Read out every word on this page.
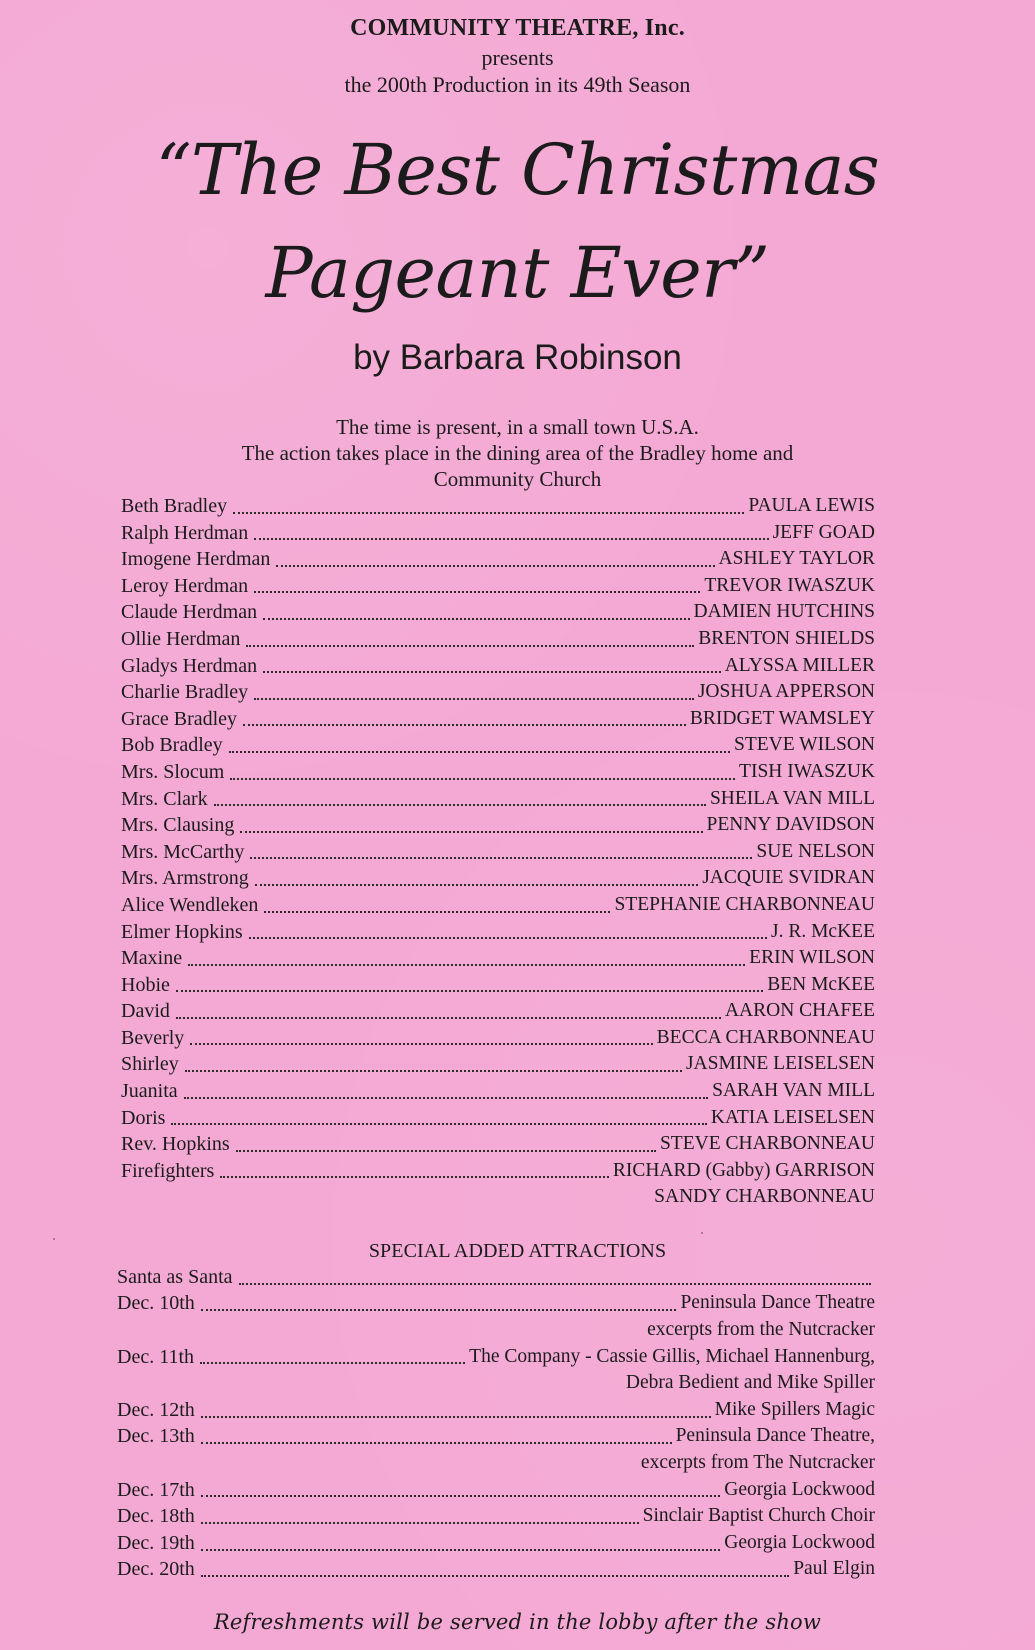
COMMUNITY THEATRE, Inc.
presents
the 200th Production in its 49th Season
“The Best Christmas
Pageant Ever”
by Barbara Robinson
The time is present, in a small town U.S.A.
The action takes place in the dining area of the Bradley home and
Community Church
Beth Bradley	PAULA LEWIS
Ralph Herdman	JEFF GOAD
Imogene Herdman	ASHLEY TAYLOR
Leroy Herdman	TREVOR IWASZUK
Claude Herdman	DAMIEN HUTCHINS
Ollie Herdman	BRENTON SHIELDS
Gladys Herdman	ALYSSA MILLER
Charlie Bradley	JOSHUA APPERSON
Grace Bradley	BRIDGET WAMSLEY
Bob Bradley	STEVE WILSON
Mrs. Slocum	TISH IWASZUK
Mrs. Clark	SHEILA VAN MILL
Mrs. Clausing	PENNY DAVIDSON
Mrs. McCarthy	SUE NELSON
Mrs. Armstrong	JACQUIE SVIDRAN
Alice Wendleken	STEPHANIE CHARBONNEAU
Elmer Hopkins	J. R. McKEE
Maxine	ERIN WILSON
Hobie	BEN McKEE
David	AARON CHAFEE
Beverly	BECCA CHARBONNEAU
Shirley	JASMINE LEISELSEN
Juanita	SARAH VAN MILL
Doris	KATIA LEISELSEN
Rev. Hopkins	STEVE CHARBONNEAU
Firefighters	RICHARD (Gabby) GARRISON
SANDY CHARBONNEAU
SPECIAL ADDED ATTRACTIONS
Santa as Santa
Dec. 10th	Peninsula Dance Theatre
excerpts from the Nutcracker
Dec. 11th	The Company - Cassie Gillis, Michael Hannenburg,
Debra Bedient and Mike Spiller
Dec. 12th	Mike Spillers Magic
Dec. 13th	Peninsula Dance Theatre,
excerpts from The Nutcracker
Dec. 17th	Georgia Lockwood
Dec. 18th	Sinclair Baptist Church Choir
Dec. 19th	Georgia Lockwood
Dec. 20th	Paul Elgin
Refreshments will be served in the lobby after the show
